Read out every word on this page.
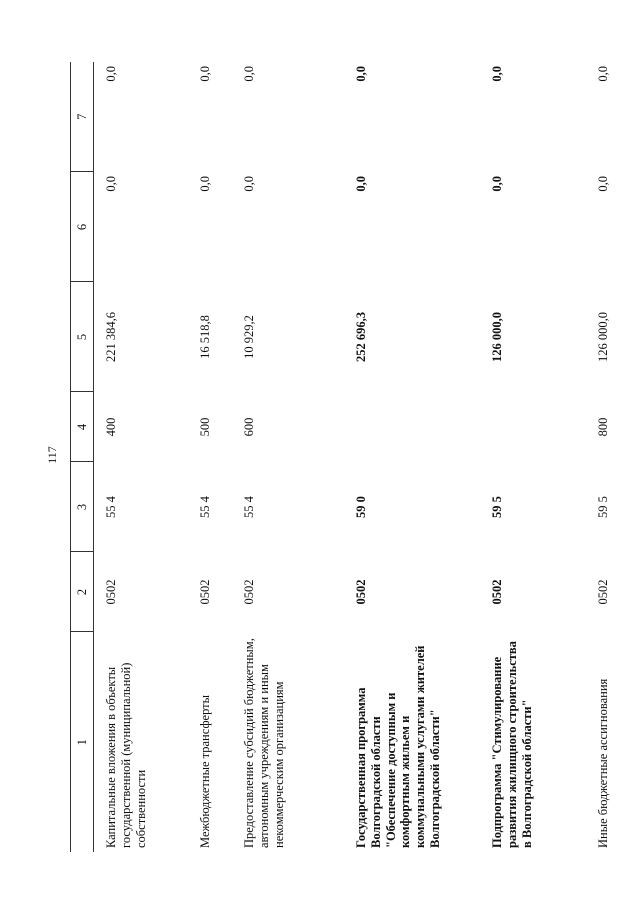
117
1	2	3	4	5	6	7
Капитальные вложения в объекты государственной (муниципальной) собственности	0502	55 4	400	221 384,6	0,0	0,0
Межбюджетные трансферты	0502	55 4	500	16 518,8	0,0	0,0
Предоставление субсидий бюджетным, автономным учреждениям и иным некоммерческим организациям	0502	55 4	600	10 929,2	0,0	0,0
Государственная программа Волгоградской области "Обеспечение доступным и комфортным жильем и коммунальными услугами жителей Волгоградской области"	0502	59 0		252 696,3	0,0	0,0
Подпрограмма "Стимулирование развития жилищного строительства в Волгоградской области"	0502	59 5		126 000,0	0,0	0,0
Иные бюджетные ассигнования	0502	59 5	800	126 000,0	0,0	0,0
